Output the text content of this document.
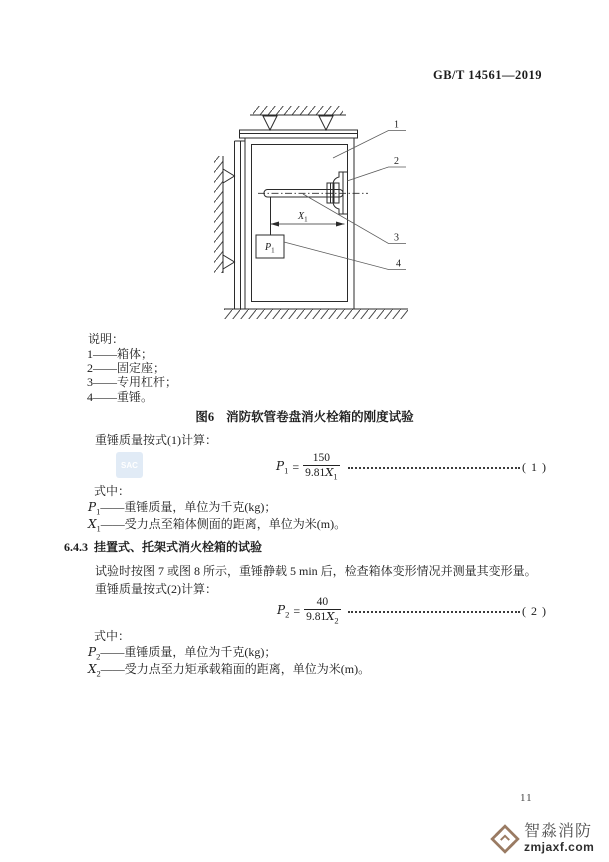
GB/T 14561—2019
$P_1$
$X_1$
1
2
3
4
说明：
1——箱体；
2——固定座；
3——专用杠杆；
4——重锤。
图6 消防软管卷盘消火栓箱的刚度试验
重锤质量按式(1)计算：
SAC	$P_1 = \frac{150}{9.81X_1}$	( 1 )
式中：
$P_1——$重锤质量，单位为千克(kg)；
$X_1——$受力点至箱体侧面的距离，单位为米(m)。
6.4.3 挂置式、托架式消火栓箱的试验
试验时按图 7 或图 8 所示，重锤静载 5 min 后，检查箱体变形情况并测量其变形量。
重锤质量按式(2)计算：
$P_2 = \frac{40}{9.81X_2}$	( 2 )
式中：
$P_2——$重锤质量，单位为千克(kg)；
$X_2——$受力点至力矩承载箱面的距离，单位为米(m)。
11
智淼消防
zmjaxf.com
